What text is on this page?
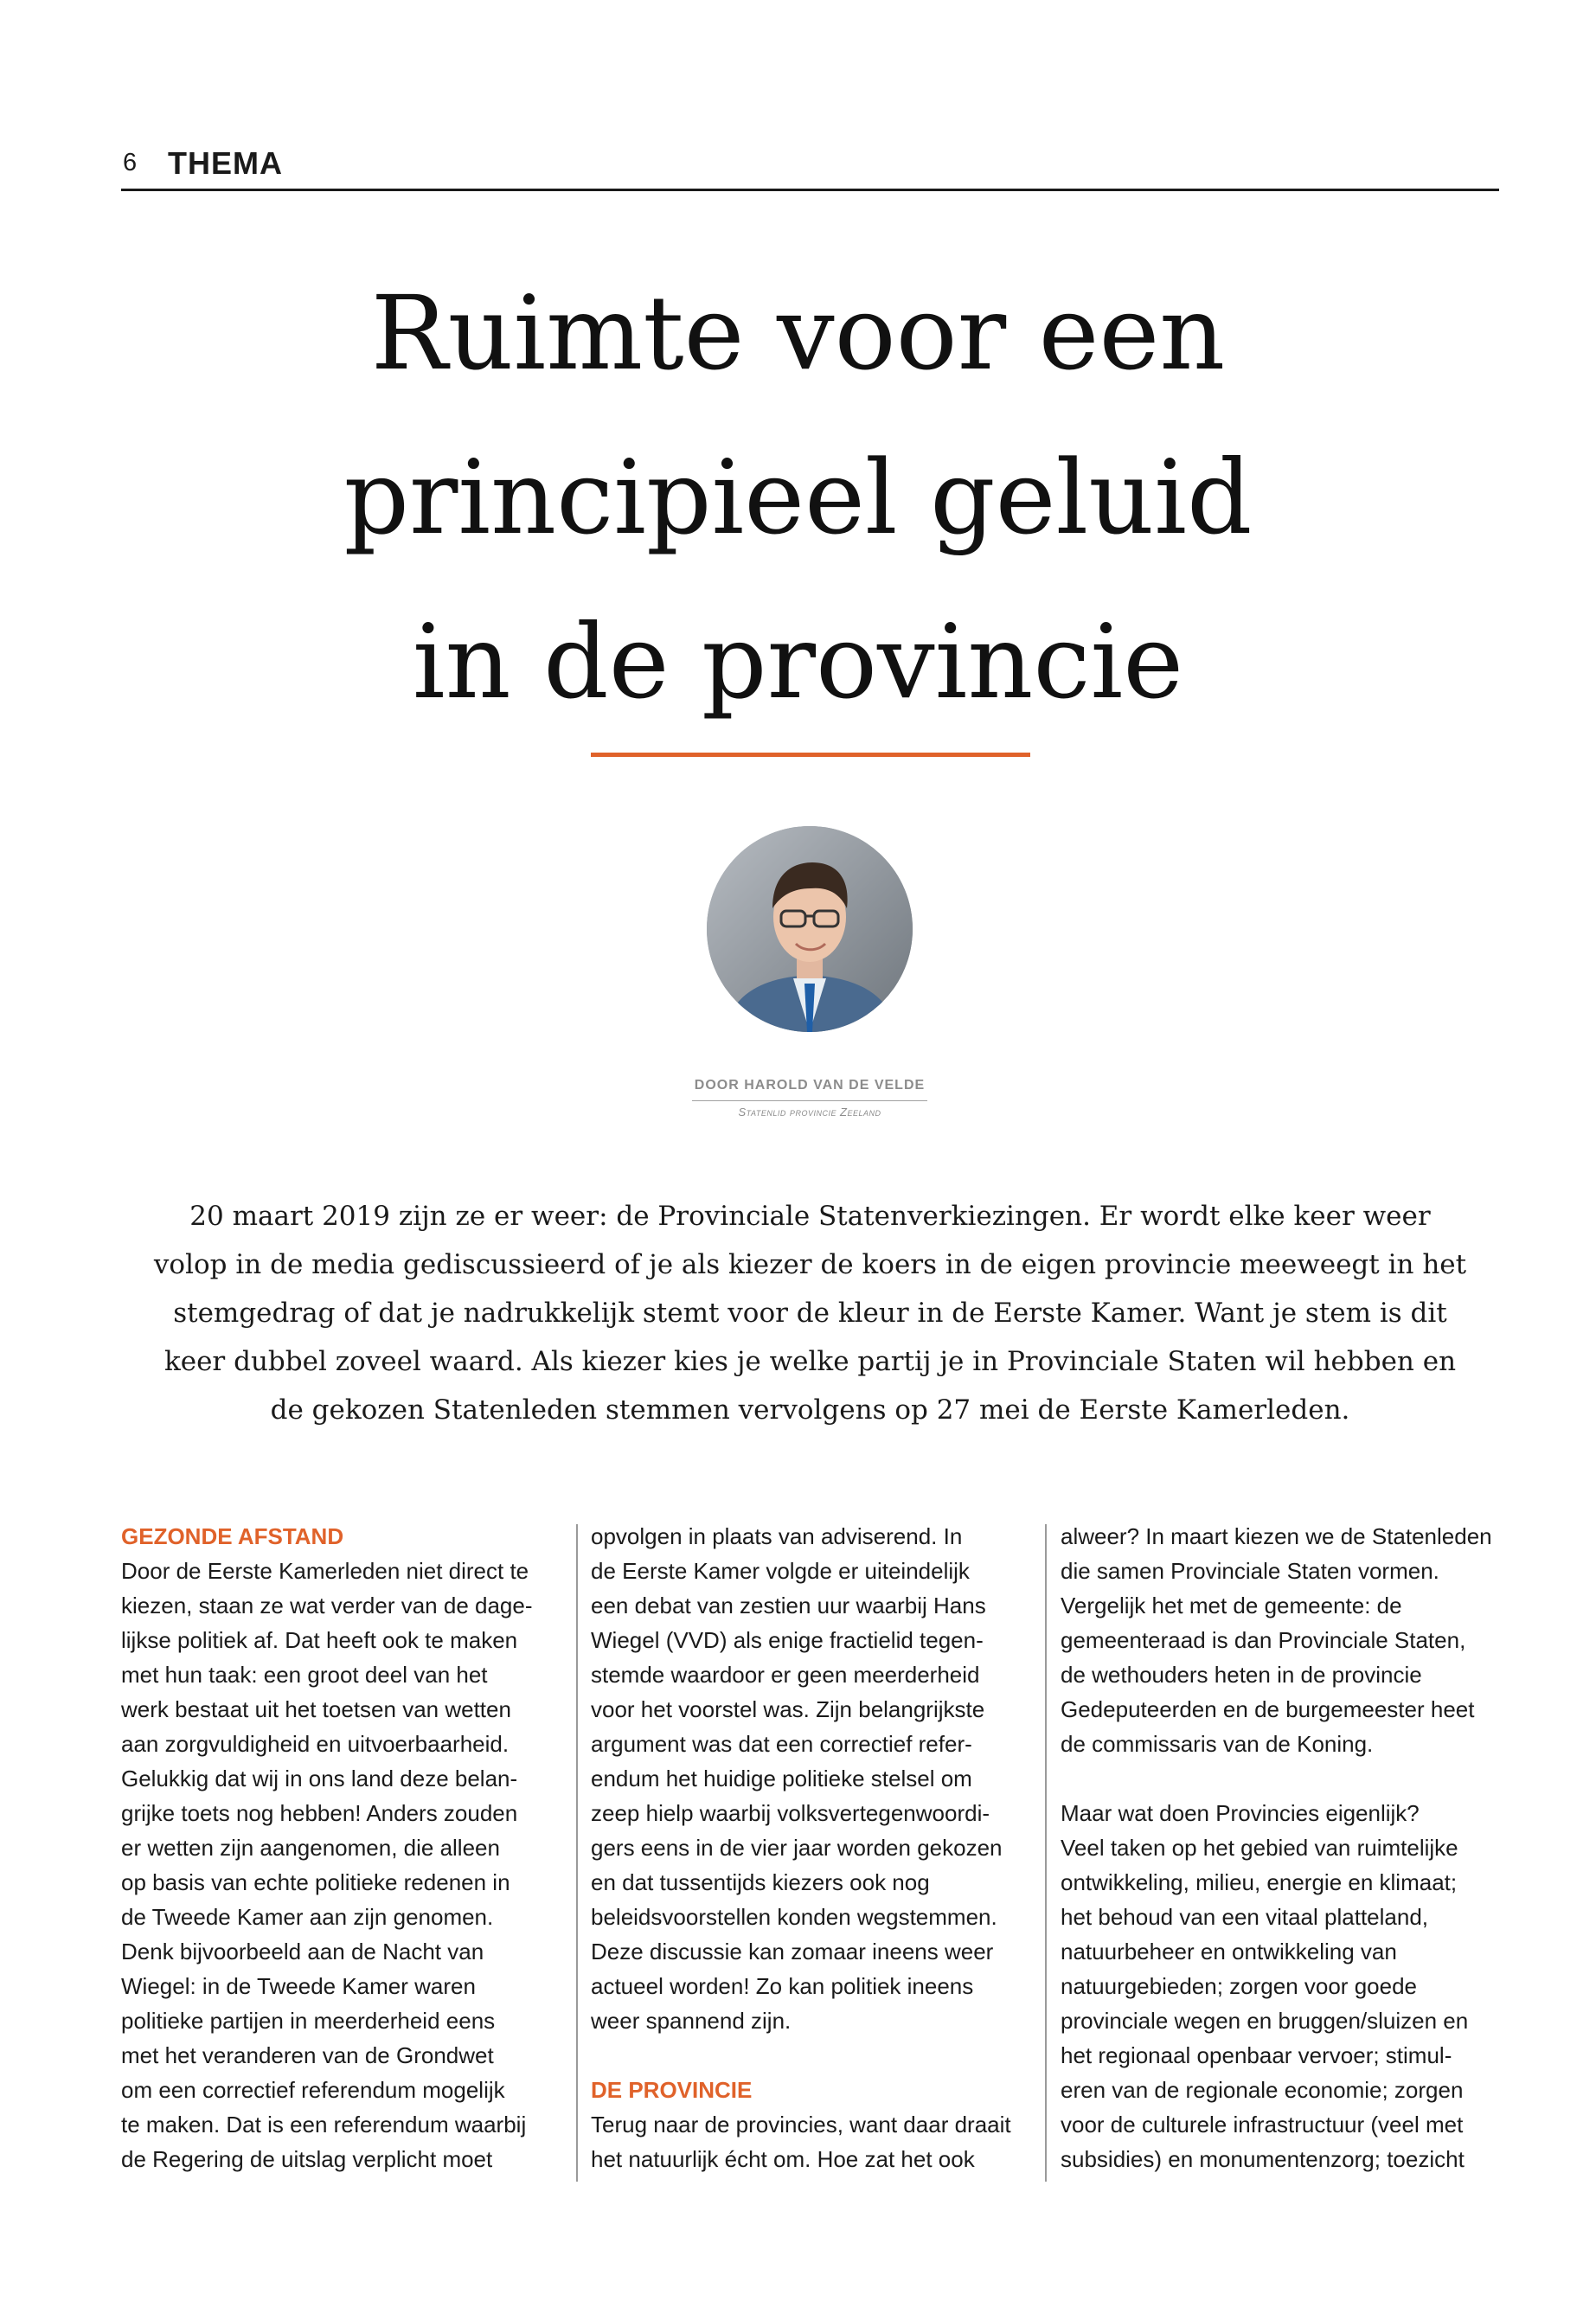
6 THEMA
Ruimte voor een
principieel geluid
in de provincie
DOOR HAROLD VAN DE VELDE
Statenlid provincie Zeeland

20 maart 2019 zijn ze er weer: de Provinciale Statenverkiezingen. Er wordt elke keer weer
volop in de media gediscussieerd of je als kiezer de koers in de eigen provincie meeweegt in het
stemgedrag of dat je nadrukkelijk stemt voor de kleur in de Eerste Kamer. Want je stem is dit
keer dubbel zoveel waard. Als kiezer kies je welke partij je in Provinciale Staten wil hebben en
de gekozen Statenleden stemmen vervolgens op 27 mei de Eerste Kamerleden.

GEZONDE AFSTAND
Door de Eerste Kamerleden niet direct te
kiezen, staan ze wat verder van de dage-
lijkse politiek af. Dat heeft ook te maken
met hun taak: een groot deel van het
werk bestaat uit het toetsen van wetten
aan zorgvuldigheid en uitvoerbaarheid.
Gelukkig dat wij in ons land deze belan-
grijke toets nog hebben! Anders zouden
er wetten zijn aangenomen, die alleen
op basis van echte politieke redenen in
de Tweede Kamer aan zijn genomen.
Denk bijvoorbeeld aan de Nacht van
Wiegel: in de Tweede Kamer waren
politieke partijen in meerderheid eens
met het veranderen van de Grondwet
om een correctief referendum mogelijk
te maken. Dat is een referendum waarbij
de Regering de uitslag verplicht moet
opvolgen in plaats van adviserend. In
de Eerste Kamer volgde er uiteindelijk
een debat van zestien uur waarbij Hans
Wiegel (VVD) als enige fractielid tegen-
stemde waardoor er geen meerderheid
voor het voorstel was. Zijn belangrijkste
argument was dat een correctief refer-
endum het huidige politieke stelsel om
zeep hielp waarbij volksvertegenwoordi-
gers eens in de vier jaar worden gekozen
en dat tussentijds kiezers ook nog
beleidsvoorstellen konden wegstemmen.
Deze discussie kan zomaar ineens weer
actueel worden! Zo kan politiek ineens
weer spannend zijn.
DE PROVINCIE
Terug naar de provincies, want daar draait
het natuurlijk écht om. Hoe zat het ook
alweer? In maart kiezen we de Statenleden
die samen Provinciale Staten vormen.
Vergelijk het met de gemeente: de
gemeenteraad is dan Provinciale Staten,
de wethouders heten in de provincie
Gedeputeerden en de burgemeester heet
de commissaris van de Koning.
Maar wat doen Provincies eigenlijk?
Veel taken op het gebied van ruimtelijke
ontwikkeling, milieu, energie en klimaat;
het behoud van een vitaal platteland,
natuurbeheer en ontwikkeling van
natuurgebieden; zorgen voor goede
provinciale wegen en bruggen/sluizen en
het regionaal openbaar vervoer; stimul-
eren van de regionale economie; zorgen
voor de culturele infrastructuur (veel met
subsidies) en monumentenzorg; toezicht
